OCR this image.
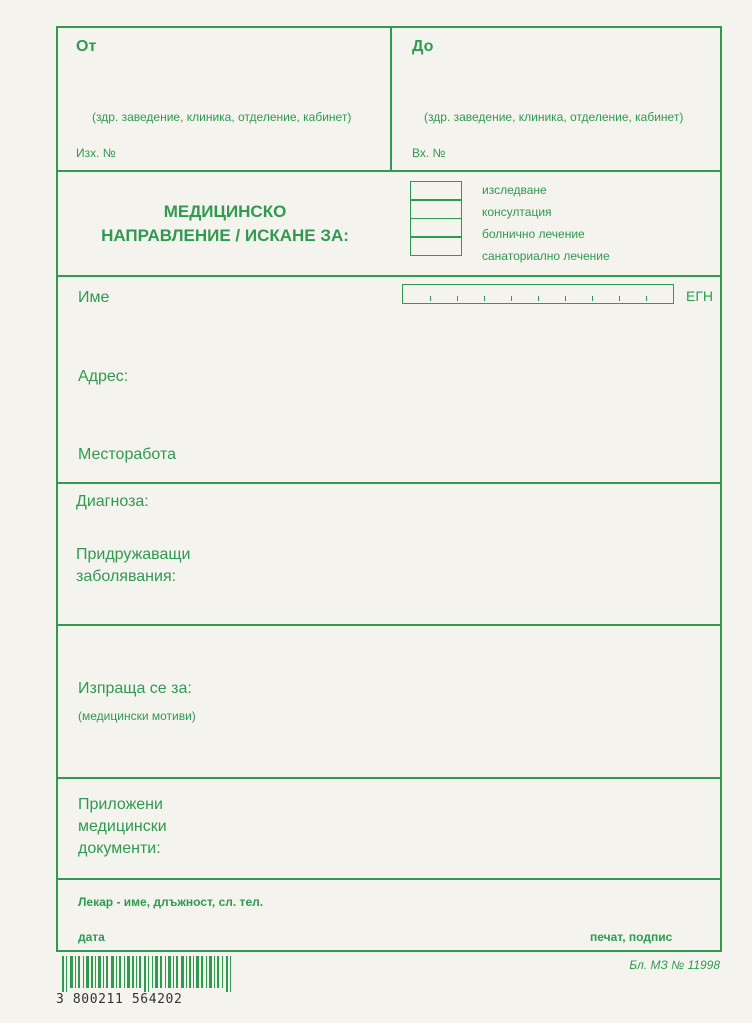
От
(здр. заведение, клиника, отделение, кабинет)
Изх. №
До
(здр. заведение, клиника, отделение, кабинет)
Вх. №
МЕДИЦИНСКО
НАПРАВЛЕНИЕ / ИСКАНЕ ЗА:
изследване
консултация
болнично лечение
санаториално лечение
Име	ЕГН
Адрес:
Месторабота
Диагноза:
Придружаващи
заболявания:
Изпраща се за:
(медицински мотиви)
Приложени
медицински
документи:
Лекар - име, длъжност, сл. тел.
дата	печат, подпис
3 800211 564202
Бл. МЗ № 11998
